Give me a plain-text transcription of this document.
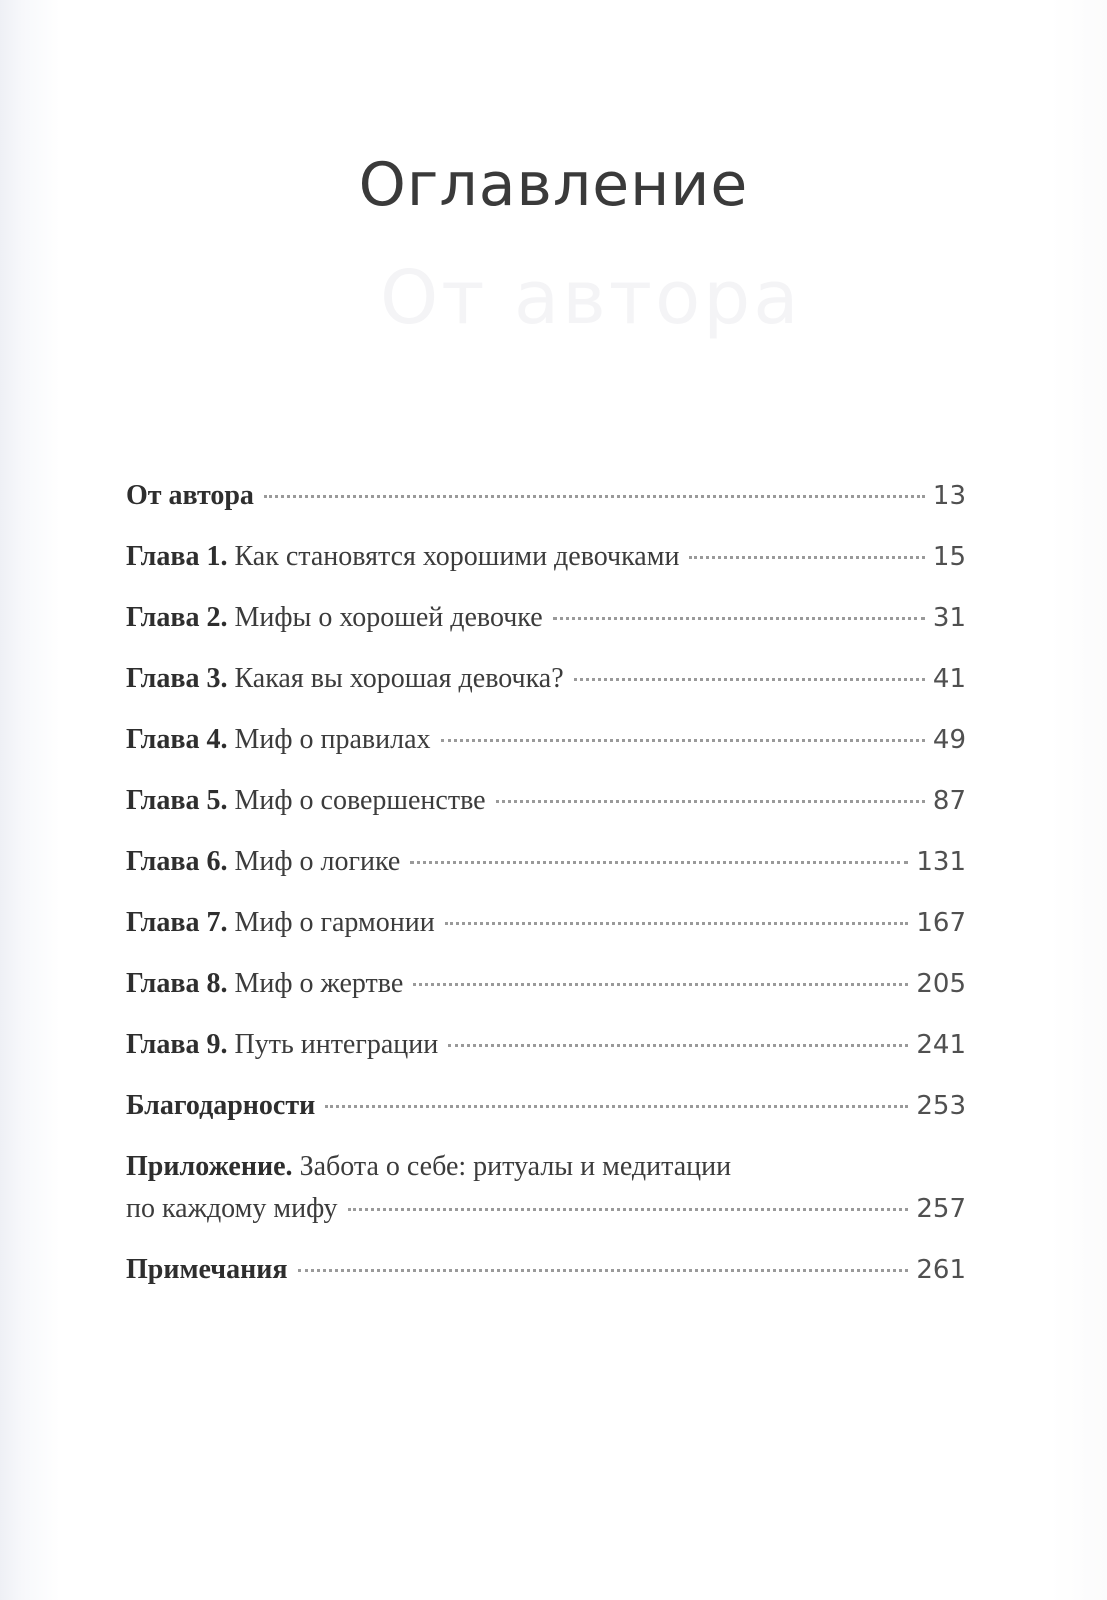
От автора
Оглавление
От автора	13
Глава 1. Как становятся хорошими девочками	15
Глава 2. Мифы о хорошей девочке	31
Глава 3. Какая вы хорошая девочка?	41
Глава 4. Миф о правилах	49
Глава 5. Миф о совершенстве	87
Глава 6. Миф о логике	131
Глава 7. Миф о гармонии	167
Глава 8. Миф о жертве	205
Глава 9. Путь интеграции	241
Благодарности	253
Приложение. Забота о себе: ритуалы и медитации
по каждому мифу	257
Примечания	261
